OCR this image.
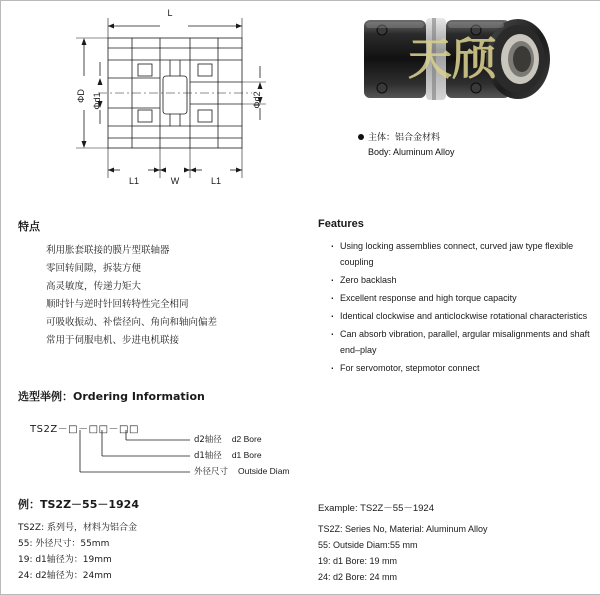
L
ΦD Φd1	Φd2
L1	W	L1
天颀
主体：铝合金材料
Body: Aluminum Alloy
特点
利用胀套联接的膜片型联轴器
零回转间隙，拆装方便
高灵敏度，传递力矩大
顺时针与逆时针回转特性完全相同
可吸收振动、补偿径向、角向和轴向偏差
常用于伺服电机、步进电机联接
Features
· Using locking assemblies connect, curved jaw type flexible coupling
· Zero backlash
· Excellent response and high torque capacity
· Identical clockwise and anticlockwise rotational characteristics
· Can absorb vibration, parallel, argular misalignments and shaft end–play
· For servomotor, stepmotor connect
选型举例：Ordering Information
TS2Z－□－□□－□□
d2轴径 d2 Bore
d1轴径 d1 Bore
外径尺寸 Outside Diam
例：TS2Z－55－1924
TS2Z: 系列号，材料为铝合金
55: 外径尺寸：55mm
19: d1轴径为：19mm
24: d2轴径为：24mm
Example: TS2Z－55－1924
TS2Z: Series No, Material: Aluminum Alloy
55: Outside Diam:55 mm
19: d1 Bore: 19 mm
24: d2 Bore: 24 mm
